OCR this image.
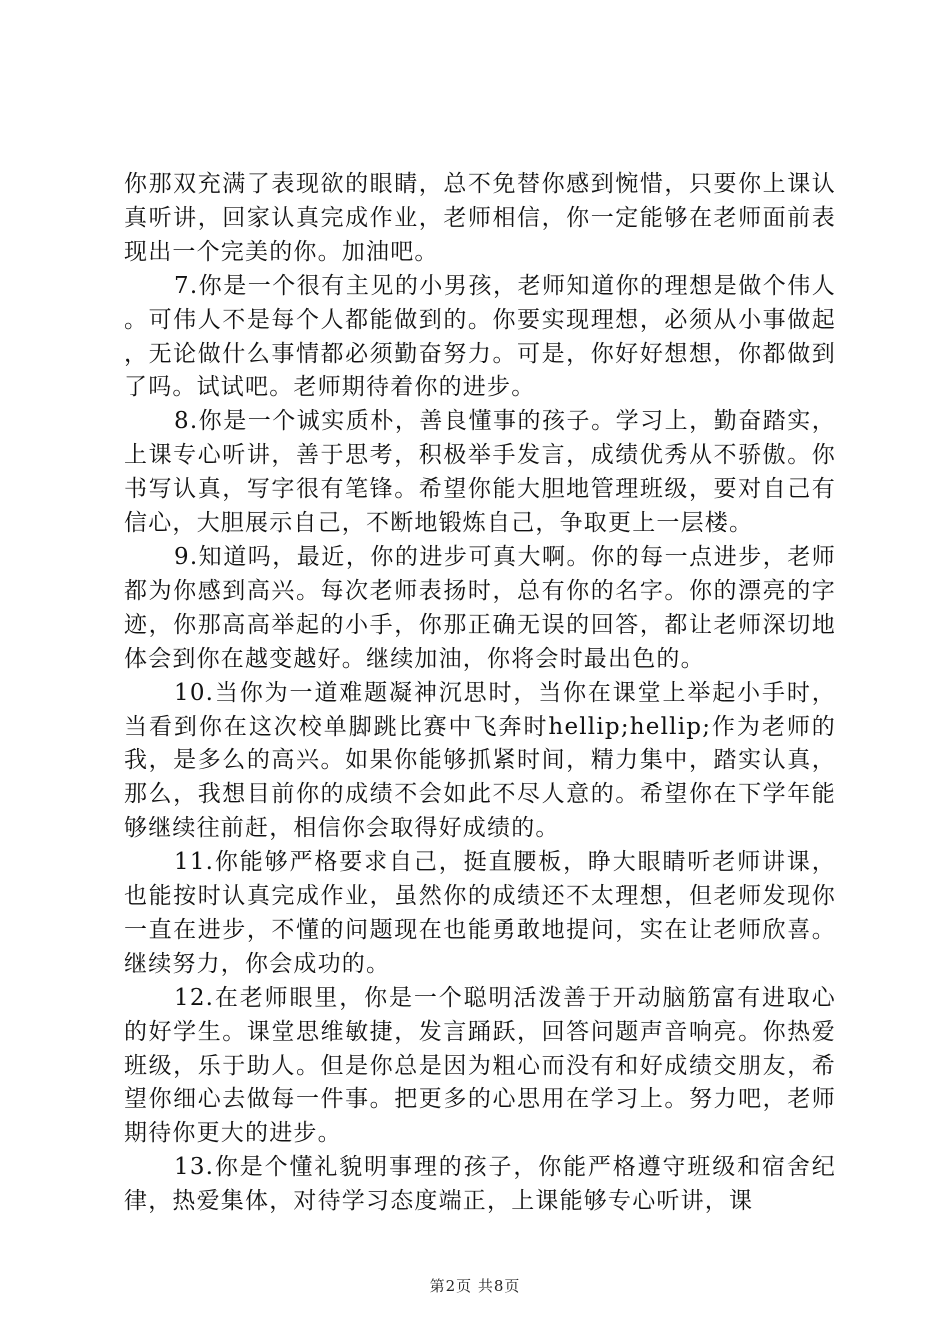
你那双充满了表现欲的眼睛，总不免替你感到惋惜，只要你上课认真听讲，回家认真完成作业，老师相信，你一定能够在老师面前表现出一个完美的你。加油吧。

7.你是一个很有主见的小男孩，老师知道你的理想是做个伟人。可伟人不是每个人都能做到的。你要实现理想，必须从小事做起，无论做什么事情都必须勤奋努力。可是，你好好想想，你都做到了吗。试试吧。老师期待着你的进步。

8.你是一个诚实质朴，善良懂事的孩子。学习上，勤奋踏实，上课专心听讲，善于思考，积极举手发言，成绩优秀从不骄傲。你书写认真，写字很有笔锋。希望你能大胆地管理班级，要对自己有信心，大胆展示自己，不断地锻炼自己，争取更上一层楼。

9.知道吗，最近，你的进步可真大啊。你的每一点进步，老师都为你感到高兴。每次老师表扬时，总有你的名字。你的漂亮的字迹，你那高高举起的小手，你那正确无误的回答，都让老师深切地体会到你在越变越好。继续加油，你将会时最出色的。

10.当你为一道难题凝神沉思时，当你在课堂上举起小手时，当看到你在这次校单脚跳比赛中飞奔时hellip;hellip;作为老师的我，是多么的高兴。如果你能够抓紧时间，精力集中，踏实认真，那么，我想目前你的成绩不会如此不尽人意的。希望你在下学年能够继续往前赶，相信你会取得好成绩的。

11.你能够严格要求自己，挺直腰板，睁大眼睛听老师讲课，也能按时认真完成作业，虽然你的成绩还不太理想，但老师发现你一直在进步，不懂的问题现在也能勇敢地提问，实在让老师欣喜。继续努力，你会成功的。

12.在老师眼里，你是一个聪明活泼善于开动脑筋富有进取心的好学生。课堂思维敏捷，发言踊跃，回答问题声音响亮。你热爱班级，乐于助人。但是你总是因为粗心而没有和好成绩交朋友，希望你细心去做每一件事。把更多的心思用在学习上。努力吧，老师期待你更大的进步。

13.你是个懂礼貌明事理的孩子，你能严格遵守班级和宿舍纪律，热爱集体，对待学习态度端正，上课能够专心听讲，课

第2页 共8页
